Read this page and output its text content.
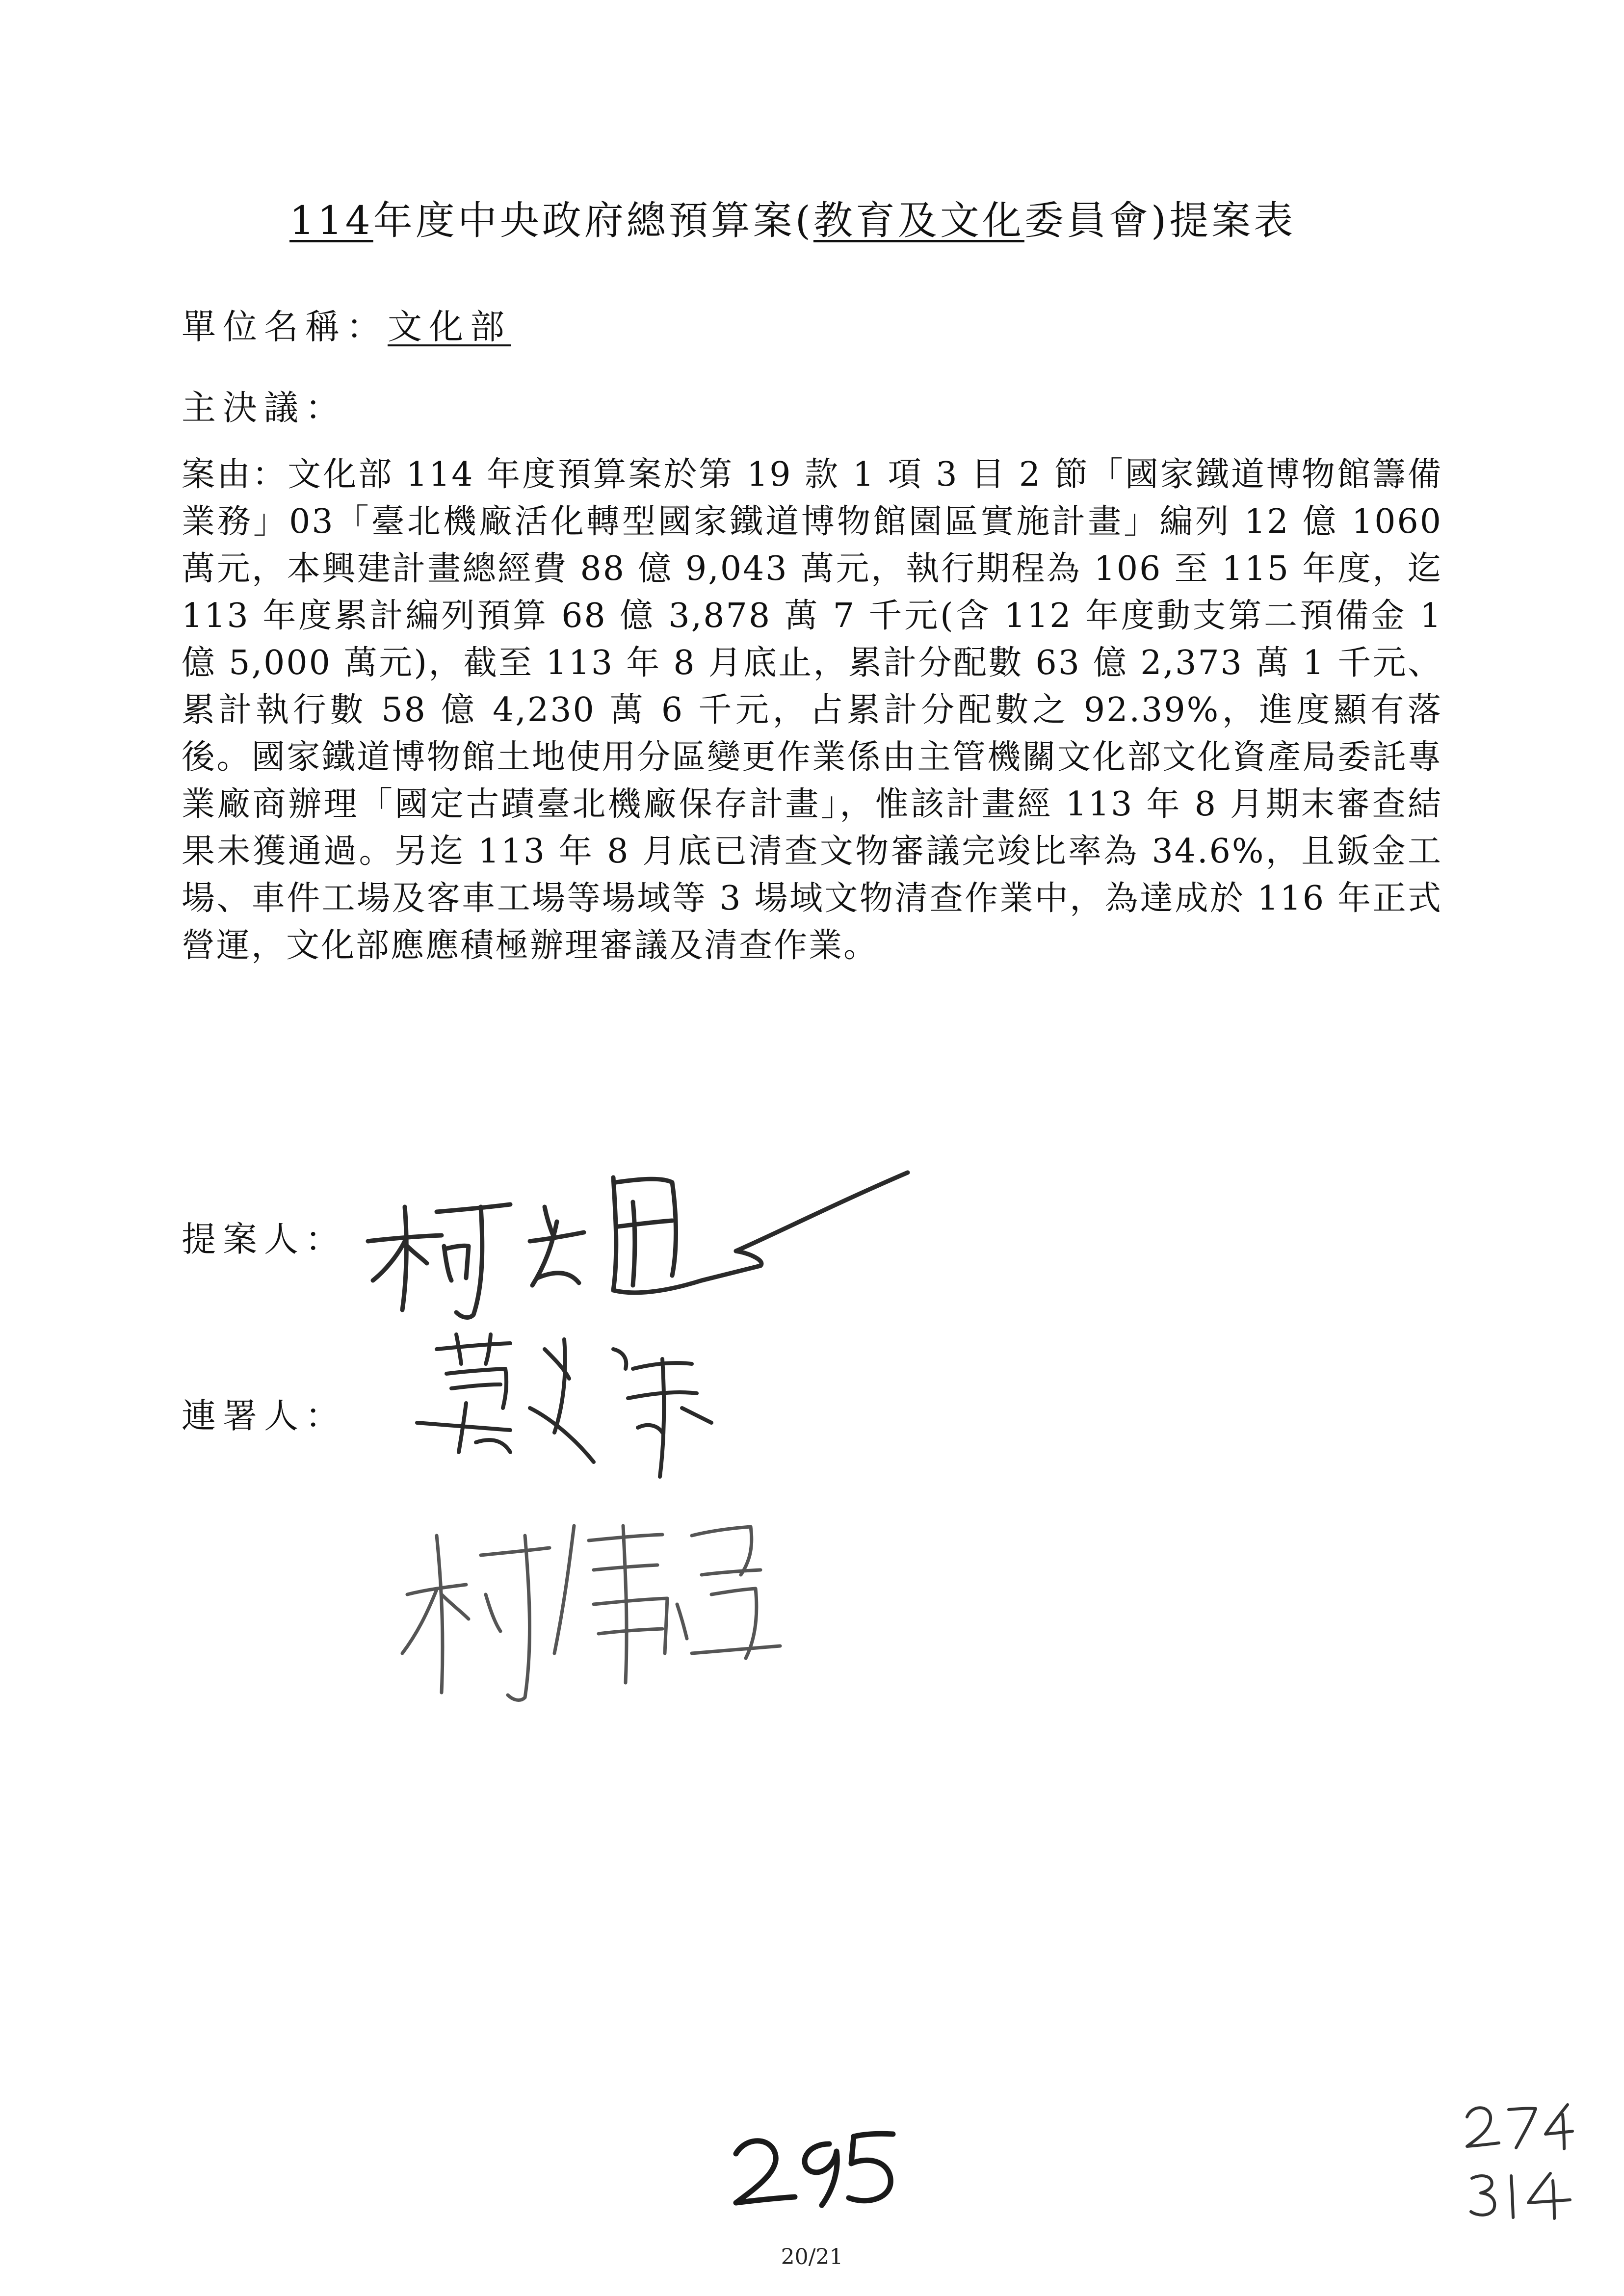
114年度中央政府總預算案(教育及文化委員會)提案表
單位名稱：文化部
主決議：

案由：文化部 114 年度預算案於第 19 款 1 項 3 目 2 節「國家鐵道博物館籌備業務」03「臺北機廠活化轉型國家鐵道博物館園區實施計畫」編列 12 億 1060 萬元，本興建計畫總經費 88 億 9,043 萬元，執行期程為 106 至 115 年度，迄 113 年度累計編列預算 68 億 3,878 萬 7 千元(含 112 年度動支第二預備金 1 億 5,000 萬元)，截至 113 年 8 月底止，累計分配數 63 億 2,373 萬 1 千元、累計執行數 58 億 4,230 萬 6 千元，占累計分配數之 92.39%，進度顯有落後。國家鐵道博物館土地使用分區變更作業係由主管機關文化部文化資產局委託專業廠商辦理「國定古蹟臺北機廠保存計畫」，惟該計畫經 113 年 8 月期末審查結果未獲通過。另迄 113 年 8 月底已清查文物審議完竣比率為 34.6%，且鈑金工場、車件工場及客車工場等場域等 3 場域文物清查作業中，為達成於 116 年正式營運，文化部應應積極辦理審議及清查作業。

提案人：
連署人：
20/21
